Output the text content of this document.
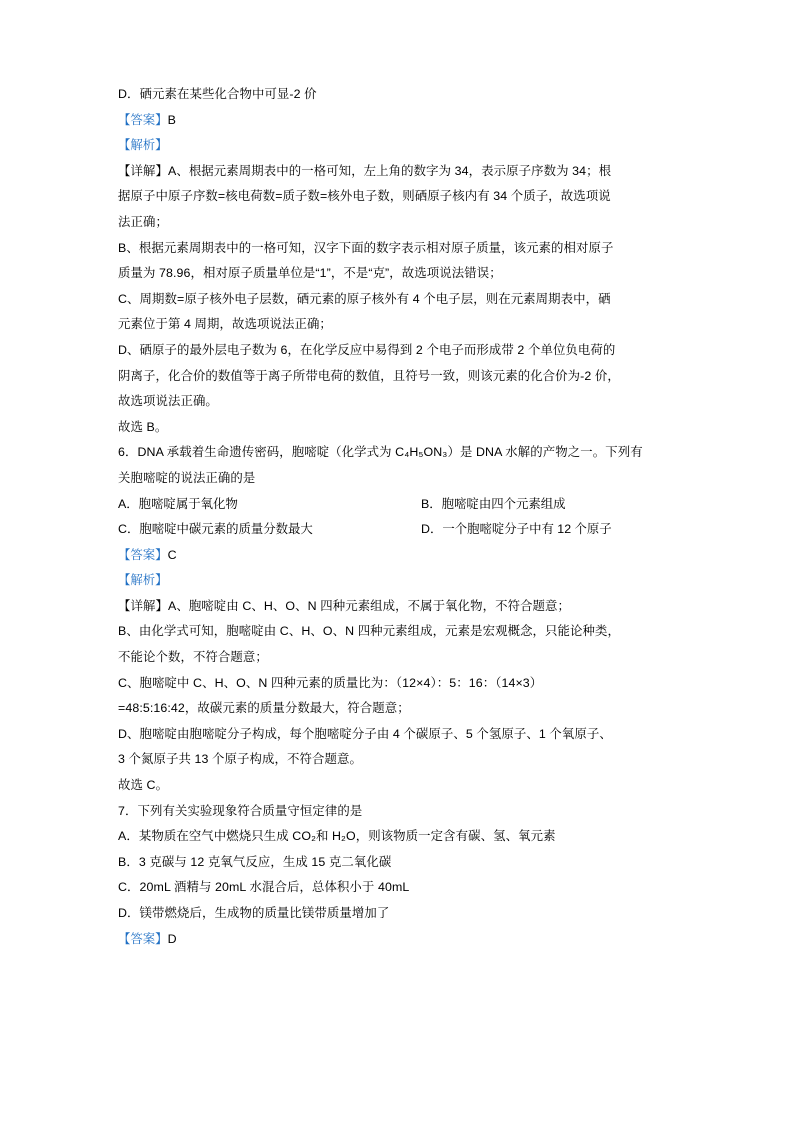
D．硒元素在某些化合物中可显-2 价
【答案】B
【解析】
【详解】A、根据元素周期表中的一格可知，左上角的数字为 34，表示原子序数为 34；根
据原子中原子序数=核电荷数=质子数=核外电子数，则硒原子核内有 34 个质子，故选项说
法正确；
B、根据元素周期表中的一格可知，汉字下面的数字表示相对原子质量，该元素的相对原子
质量为 78.96，相对原子质量单位是“1”，不是“克”，故选项说法错误；
C、周期数=原子核外电子层数，硒元素的原子核外有 4 个电子层，则在元素周期表中，硒
元素位于第 4 周期，故选项说法正确；
D、硒原子的最外层电子数为 6，在化学反应中易得到 2 个电子而形成带 2 个单位负电荷的
阴离子，化合价的数值等于离子所带电荷的数值，且符号一致，则该元素的化合价为-2 价，
故选项说法正确。
故选 B。
6．DNA 承载着生命遗传密码，胞嘧啶（化学式为 C₄H₅ON₃）是 DNA 水解的产物之一。下列有
关胞嘧啶的说法正确的是
A．胞嘧啶属于氧化物	B．胞嘧啶由四个元素组成
C．胞嘧啶中碳元素的质量分数最大	D．一个胞嘧啶分子中有 12 个原子
【答案】C
【解析】
【详解】A、胞嘧啶由 C、H、O、N 四种元素组成，不属于氧化物，不符合题意；
B、由化学式可知，胞嘧啶由 C、H、O、N 四种元素组成，元素是宏观概念，只能论种类，
不能论个数，不符合题意；
C、胞嘧啶中 C、H、O、N 四种元素的质量比为：（12×4）：5：16：（14×3）
=48:5:16:42，故碳元素的质量分数最大，符合题意；
D、胞嘧啶由胞嘧啶分子构成，每个胞嘧啶分子由 4 个碳原子、5 个氢原子、1 个氧原子、
3 个氮原子共 13 个原子构成，不符合题意。
故选 C。
7．下列有关实验现象符合质量守恒定律的是
A．某物质在空气中燃烧只生成 CO₂和 H₂O，则该物质一定含有碳、氢、氧元素
B．3 克碳与 12 克氧气反应，生成 15 克二氧化碳
C．20mL 酒精与 20mL 水混合后，总体积小于 40mL
D．镁带燃烧后，生成物的质量比镁带质量增加了
【答案】D
